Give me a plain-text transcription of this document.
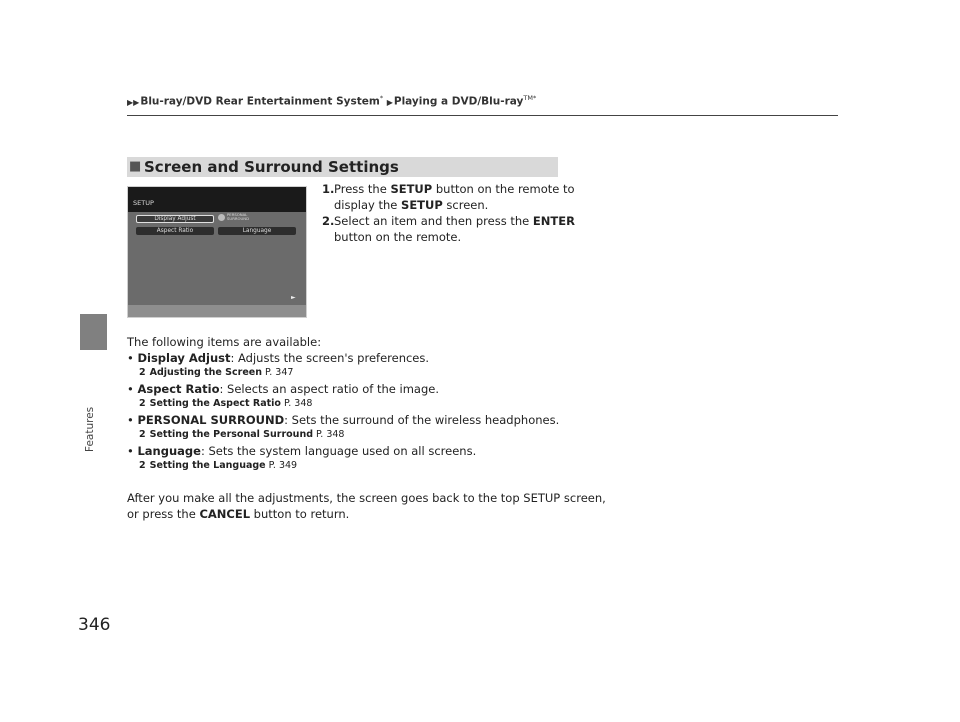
▶▶Blu-ray/DVD Rear Entertainment System* ▶Playing a DVD/Blu-ray$^{TM*}$
Features
■ Screen and Surround Settings
SETUP
Display Adjust
Aspect Ratio	Language
PERSONAL
SURROUND
►
1. Press the SETUP button on the remote to
display the SETUP screen.
2. Select an item and then press the ENTER
button on the remote.
The following items are available:
• Display Adjust: Adjusts the screen's preferences.
2 Adjusting the Screen P. 347
• Aspect Ratio: Selects an aspect ratio of the image.
2 Setting the Aspect Ratio P. 348
• PERSONAL SURROUND: Sets the surround of the wireless headphones.
2 Setting the Personal Surround P. 348
• Language: Sets the system language used on all screens.
2 Setting the Language P. 349
After you make all the adjustments, the screen goes back to the top SETUP screen,
or press the CANCEL button to return.
346
